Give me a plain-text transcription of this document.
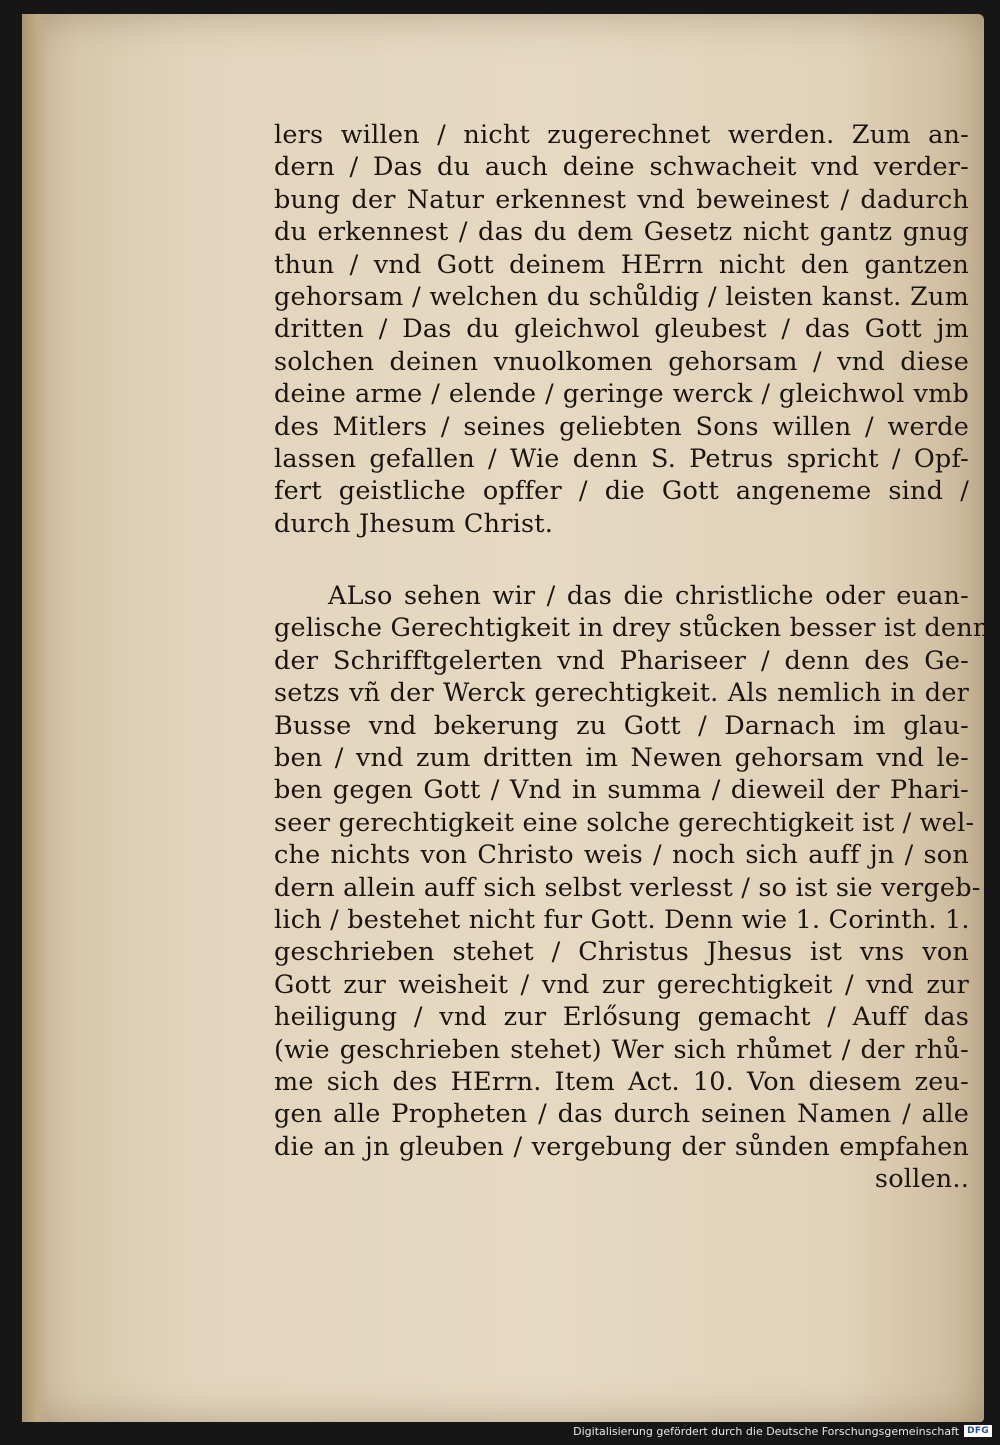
lers willen / nicht zugerechnet werden. Zum an-
dern / Das du auch deine schwacheit vnd verder-
bung der Natur erkennest vnd beweinest / dadurch
du erkennest / das du dem Gesetz nicht gantz gnug
thun / vnd Gott deinem HErrn nicht den gantzen
gehorsam / welchen du schůldig / leisten kanst. Zum
dritten / Das du gleichwol gleubest / das Gott jm
solchen deinen vnuolkomen gehorsam / vnd diese
deine arme / elende / geringe werck / gleichwol vmb
des Mitlers / seines geliebten Sons willen / werde
lassen gefallen / Wie denn S. Petrus spricht / Opf-
fert geistliche opffer / die Gott angeneme sind /
durch Jhesum Christ.
ALso sehen wir / das die christliche oder euan-
gelische Gerechtigkeit in drey stůcken besser ist denn
der Schrifftgelerten vnd Phariseer / denn des Ge-
setzs vñ der Werck gerechtigkeit. Als nemlich in der
Busse vnd bekerung zu Gott / Darnach im glau-
ben / vnd zum dritten im Newen gehorsam vnd le-
ben gegen Gott / Vnd in summa / dieweil der Phari-
seer gerechtigkeit eine solche gerechtigkeit ist / wel-
che nichts von Christo weis / noch sich auff jn / son
dern allein auff sich selbst verlesst / so ist sie vergeb-
lich / bestehet nicht fur Gott. Denn wie 1. Corinth. 1.
geschrieben stehet / Christus Jhesus ist vns von
Gott zur weisheit / vnd zur gerechtigkeit / vnd zur
heiligung / vnd zur Erlősung gemacht / Auff das
(wie geschrieben stehet) Wer sich rhůmet / der rhů-
me sich des HErrn. Item Act. 10. Von diesem zeu-
gen alle Propheten / das durch seinen Namen / alle
die an jn gleuben / vergebung der sůnden empfahen
sollen..
Digitalisierung gefördert durch die Deutsche Forschungsgemeinschaft DFG
